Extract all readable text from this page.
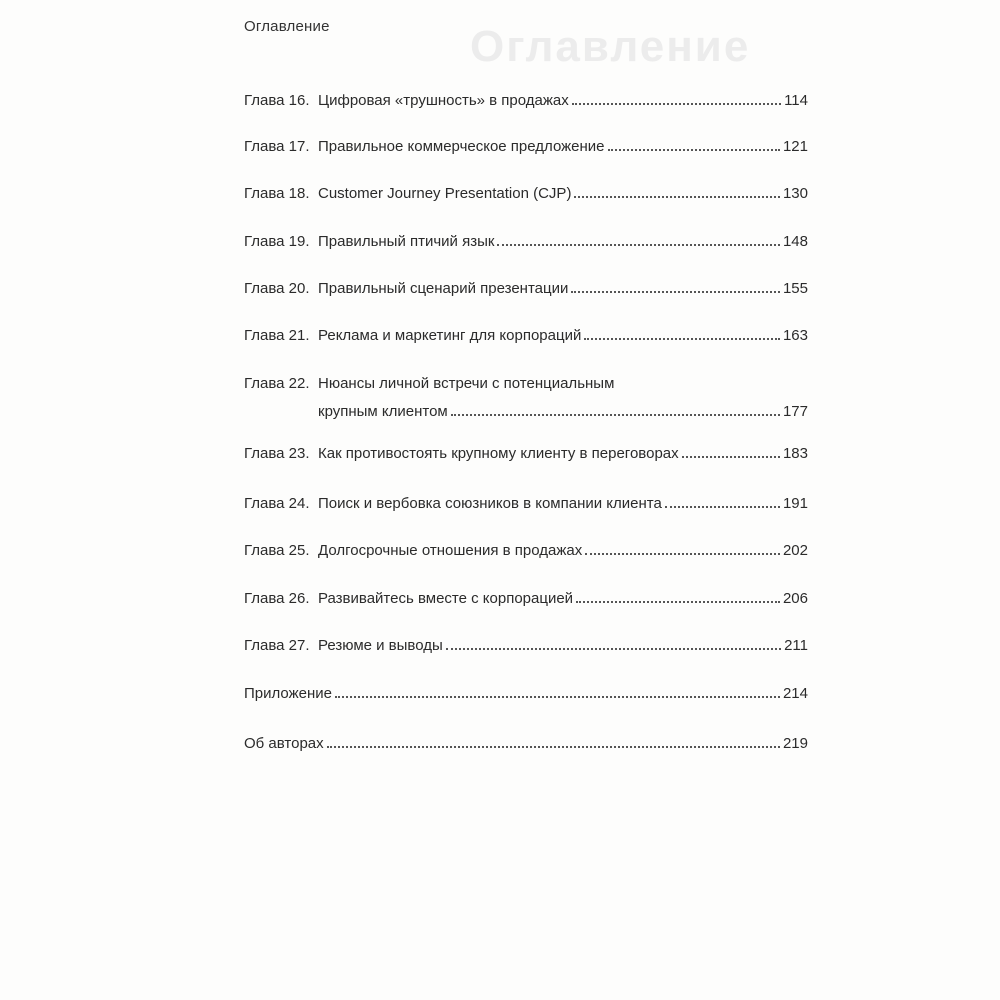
Оглавление	Оглавление
Глава 16. Цифровая «трушность» в продажах	114
Глава 17. Правильное коммерческое предложение	121
Глава 18. Customer Journey Presentation (CJP)	130
Глава 19. Правильный птичий язык	148
Глава 20. Правильный сценарий презентации	155
Глава 21. Реклама и маркетинг для корпораций	163
Глава 22. Нюансы личной встречи с потенциальным
крупным клиентом	177
Глава 23. Как противостоять крупному клиенту в переговорах	183
Глава 24. Поиск и вербовка союзников в компании клиента	191
Глава 25. Долгосрочные отношения в продажах	202
Глава 26. Развивайтесь вместе с корпорацией	206
Глава 27. Резюме и выводы	211
Приложение	214
Об авторах	219
